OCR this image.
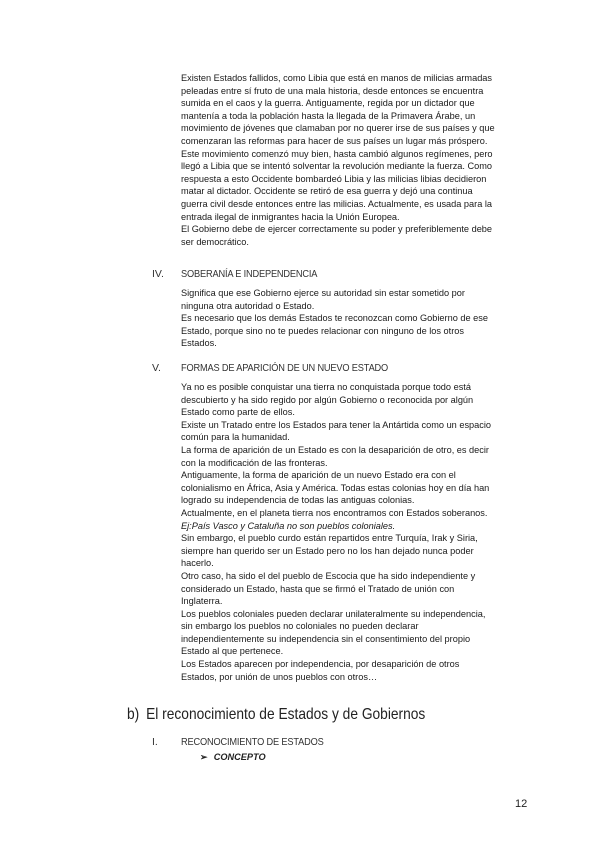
Existen Estados fallidos, como Libia que está en manos de milicias armadas
peleadas entre sí fruto de una mala historia, desde entonces se encuentra
sumida en el caos y la guerra. Antiguamente, regida por un dictador que
mantenía a toda la población hasta la llegada de la Primavera Árabe, un
movimiento de jóvenes que clamaban por no querer irse de sus países y que
comenzaran las reformas para hacer de sus países un lugar más próspero.
Este movimiento comenzó muy bien, hasta cambió algunos regímenes, pero
llegó a Libia que se intentó solventar la revolución mediante la fuerza. Como
respuesta a esto Occidente bombardeó Libia y las milicias libias decidieron
matar al dictador. Occidente se retiró de esa guerra y dejó una continua
guerra civil desde entonces entre las milicias. Actualmente, es usada para la
entrada ilegal de inmigrantes hacia la Unión Europea.
El Gobierno debe de ejercer correctamente su poder y preferiblemente debe
ser democrático.
IV. SOBERANÍA E INDEPENDENCIA
Significa que ese Gobierno ejerce su autoridad sin estar sometido por
ninguna otra autoridad o Estado.
Es necesario que los demás Estados te reconozcan como Gobierno de ese
Estado, porque sino no te puedes relacionar con ninguno de los otros
Estados.
V. FORMAS DE APARICIÓN DE UN NUEVO ESTADO
Ya no es posible conquistar una tierra no conquistada porque todo está
descubierto y ha sido regido por algún Gobierno o reconocida por algún
Estado como parte de ellos.
Existe un Tratado entre los Estados para tener la Antártida como un espacio
común para la humanidad.
La forma de aparición de un Estado es con la desaparición de otro, es decir
con la modificación de las fronteras.
Antiguamente, la forma de aparición de un nuevo Estado era con el
colonialismo en África, Asia y América. Todas estas colonias hoy en día han
logrado su independencia de todas las antiguas colonias.
Actualmente, en el planeta tierra nos encontramos con Estados soberanos.
Ej:País Vasco y Cataluña no son pueblos coloniales.
Sin embargo, el pueblo curdo están repartidos entre Turquía, Irak y Siria,
siempre han querido ser un Estado pero no los han dejado nunca poder
hacerlo.
Otro caso, ha sido el del pueblo de Escocia que ha sido independiente y
considerado un Estado, hasta que se firmó el Tratado de unión con
Inglaterra.
Los pueblos coloniales pueden declarar unilateralmente su independencia,
sin embargo los pueblos no coloniales no pueden declarar
independientemente su independencia sin el consentimiento del propio
Estado al que pertenece.
Los Estados aparecen por independencia, por desaparición de otros
Estados, por unión de unos pueblos con otros…
b) El reconocimiento de Estados y de Gobiernos
I. RECONOCIMIENTO DE ESTADOS
➢ CONCEPTO
12
